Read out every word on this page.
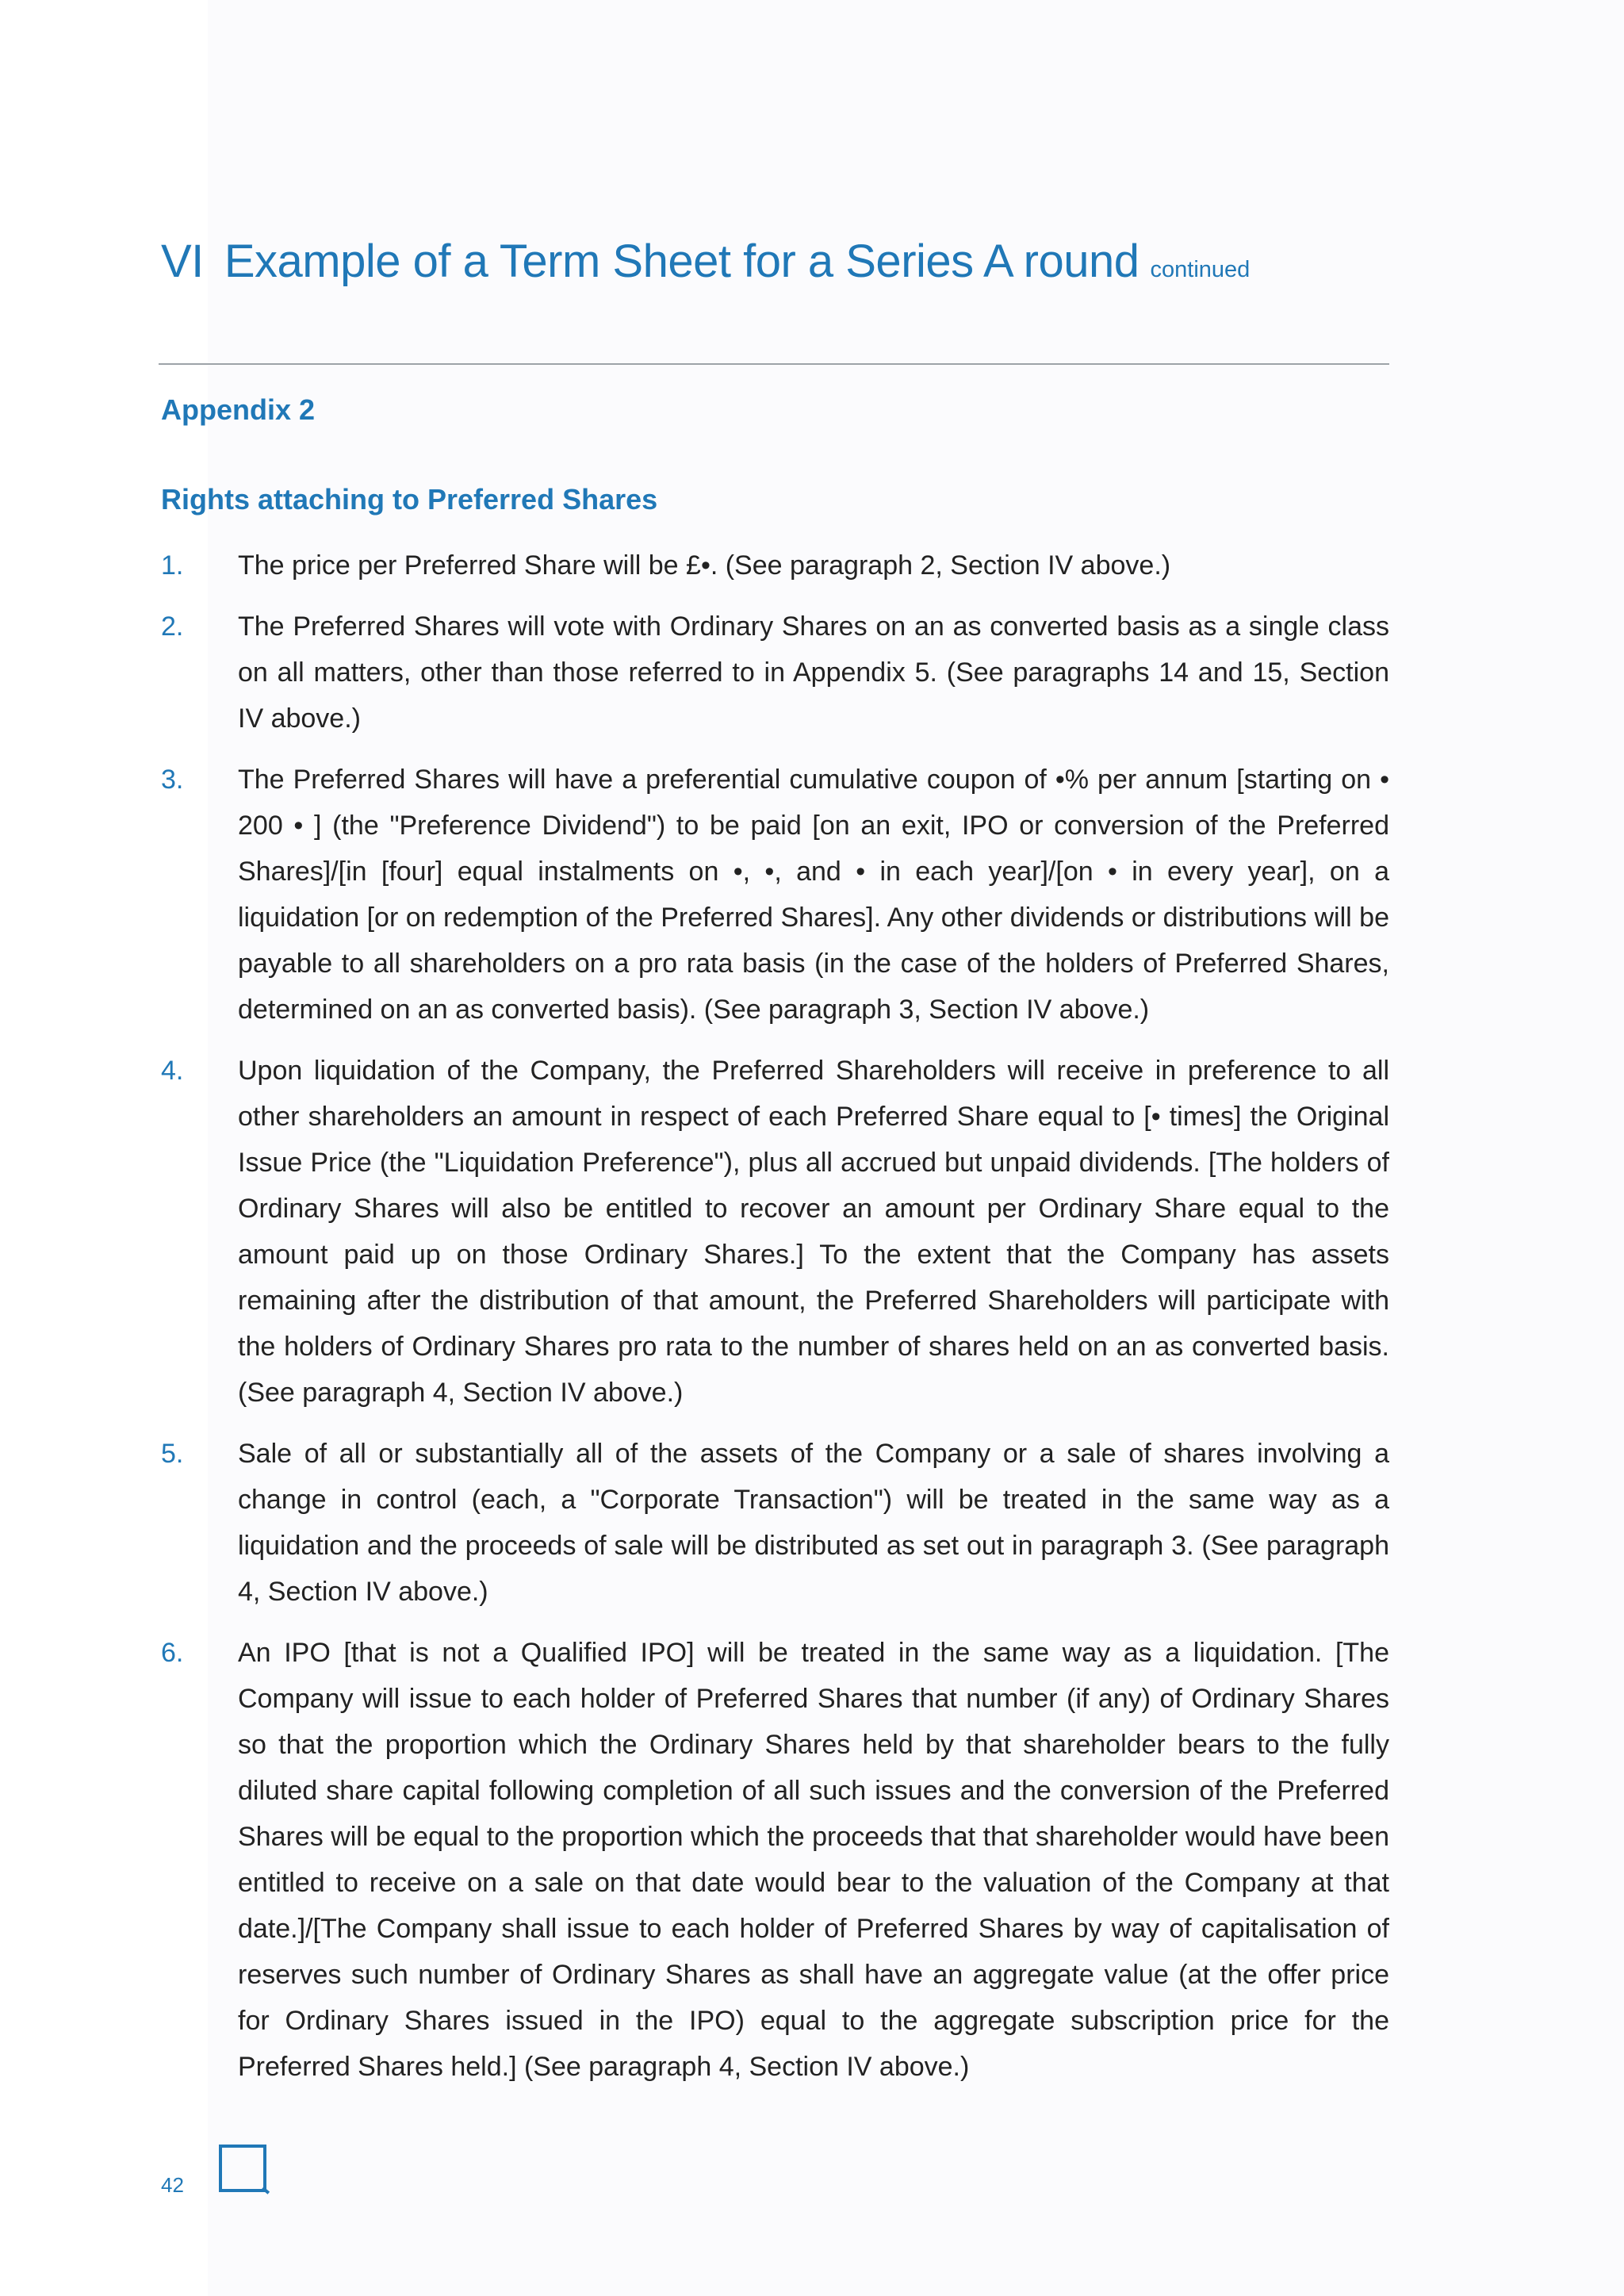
VI Example of a Term Sheet for a Series A round continued
Appendix 2
Rights attaching to Preferred Shares
1.	The price per Preferred Share will be £•. (See paragraph 2, Section IV above.)
2.	The Preferred Shares will vote with Ordinary Shares on an as converted basis as a single class on all matters, other than those referred to in Appendix 5. (See paragraphs 14 and 15, Section IV above.)
3.	The Preferred Shares will have a preferential cumulative coupon of •% per annum [starting on • 200 • ] (the "Preference Dividend") to be paid [on an exit, IPO or conversion of the Preferred Shares]/[in [four] equal instalments on •, •, and • in each year]/[on • in every year], on a liquidation [or on redemption of the Preferred Shares]. Any other dividends or distributions will be payable to all shareholders on a pro rata basis (in the case of the holders of Preferred Shares, determined on an as converted basis). (See paragraph 3, Section IV above.)
4.	Upon liquidation of the Company, the Preferred Shareholders will receive in preference to all other shareholders an amount in respect of each Preferred Share equal to [• times] the Original Issue Price (the "Liquidation Preference"), plus all accrued but unpaid dividends. [The holders of Ordinary Shares will also be entitled to recover an amount per Ordinary Share equal to the amount paid up on those Ordinary Shares.] To the extent that the Company has assets remaining after the distribution of that amount, the Preferred Shareholders will participate with the holders of Ordinary Shares pro rata to the number of shares held on an as converted basis. (See paragraph 4, Section IV above.)
5.	Sale of all or substantially all of the assets of the Company or a sale of shares involving a change in control (each, a "Corporate Transaction") will be treated in the same way as a liquidation and the proceeds of sale will be distributed as set out in paragraph 3. (See paragraph 4, Section IV above.)
6.	An IPO [that is not a Qualified IPO] will be treated in the same way as a liquidation. [The Company will issue to each holder of Preferred Shares that number (if any) of Ordinary Shares so that the proportion which the Ordinary Shares held by that shareholder bears to the fully diluted share capital following completion of all such issues and the conversion of the Preferred Shares will be equal to the proportion which the proceeds that that shareholder would have been entitled to receive on a sale on that date would bear to the valuation of the Company at that date.]/[The Company shall issue to each holder of Preferred Shares by way of capitalisation of reserves such number of Ordinary Shares as shall have an aggregate value (at the offer price for Ordinary Shares issued in the IPO) equal to the aggregate subscription price for the Preferred Shares held.] (See paragraph 4, Section IV above.)
42
